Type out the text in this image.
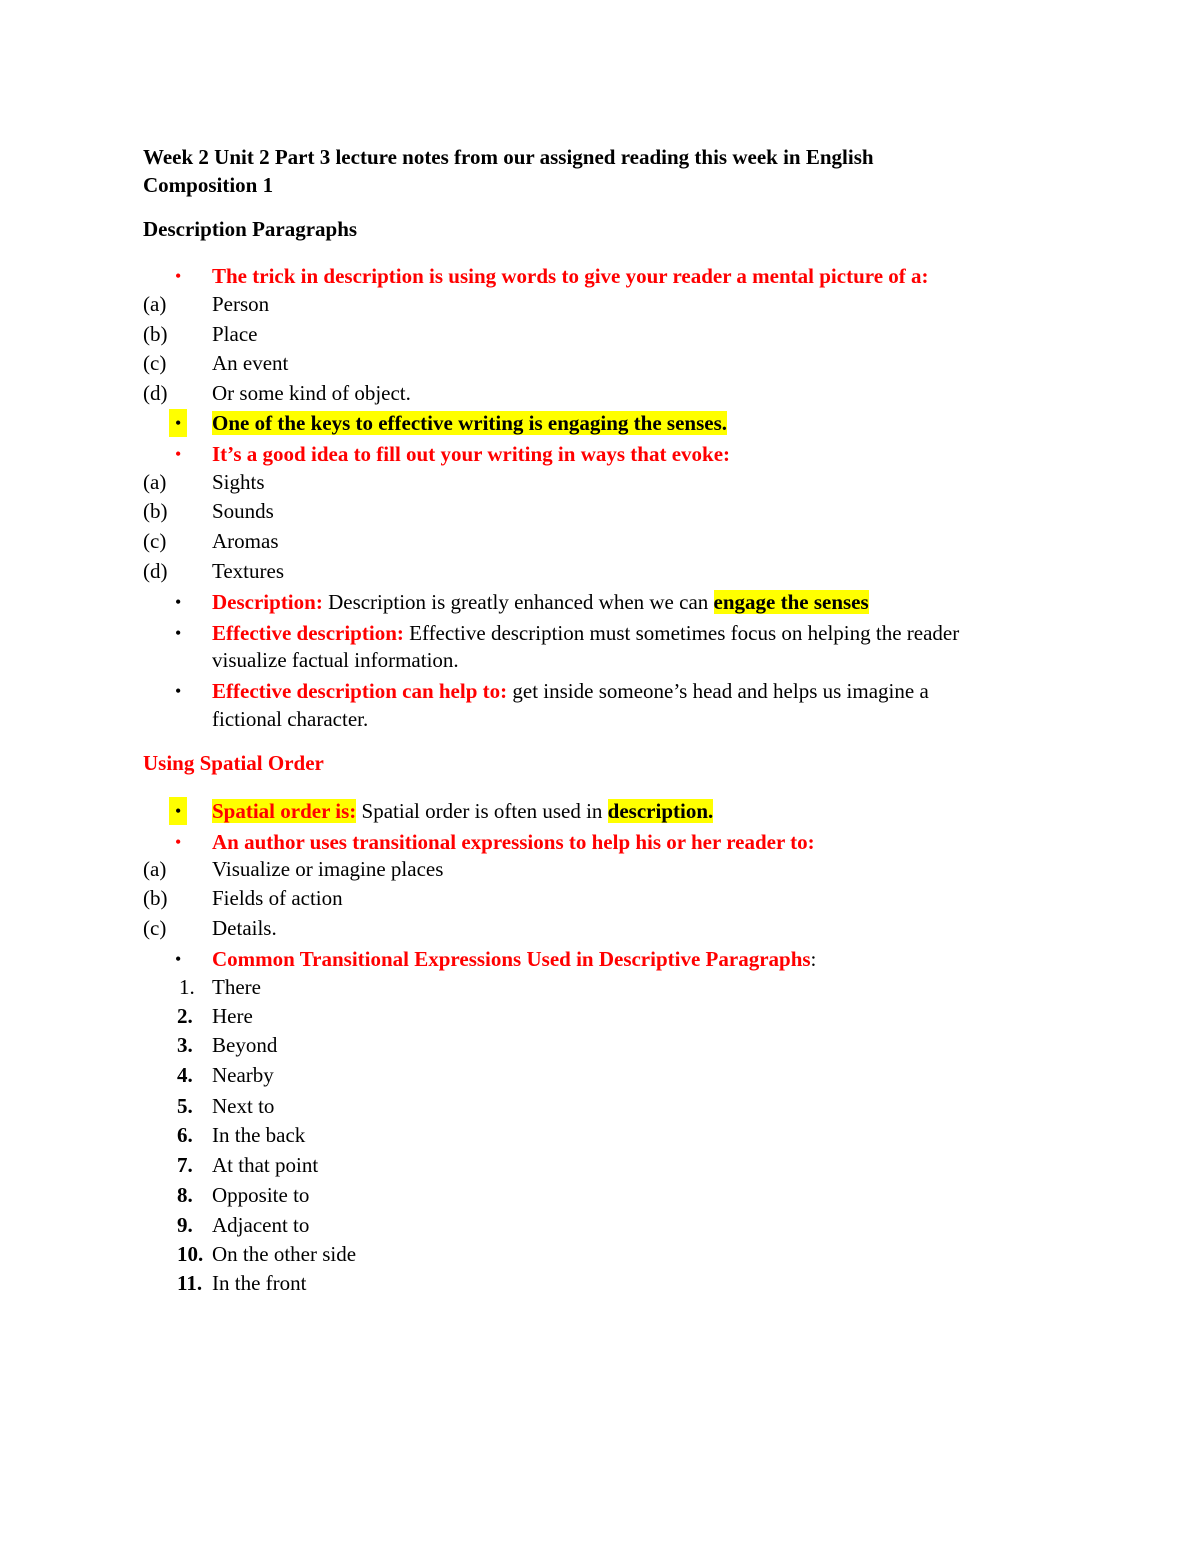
Week 2 Unit 2 Part 3 lecture notes from our assigned reading this week in English
Composition 1
Description Paragraphs
• The trick in description is using words to give your reader a mental picture of a:
(a)	Person
(b)	Place
(c)	An event
(d)	Or some kind of object.
• One of the keys to effective writing is engaging the senses.
• It’s a good idea to fill out your writing in ways that evoke:
(a)	Sights
(b)	Sounds
(c)	Aromas
(d)	Textures
• Description: Description is greatly enhanced when we can engage the senses
• Effective description: Effective description must sometimes focus on helping the reader
visualize factual information.
• Effective description can help to: get inside someone’s head and helps us imagine a
fictional character.
Using Spatial Order
• Spatial order is: Spatial order is often used in description.
• An author uses transitional expressions to help his or her reader to:
(a)	Visualize or imagine places
(b)	Fields of action
(c)	Details.
• Common Transitional Expressions Used in Descriptive Paragraphs:
1. There
2. Here
3. Beyond
4. Nearby
5. Next to
6. In the back
7. At that point
8. Opposite to
9. Adjacent to
10. On the other side
11. In the front
